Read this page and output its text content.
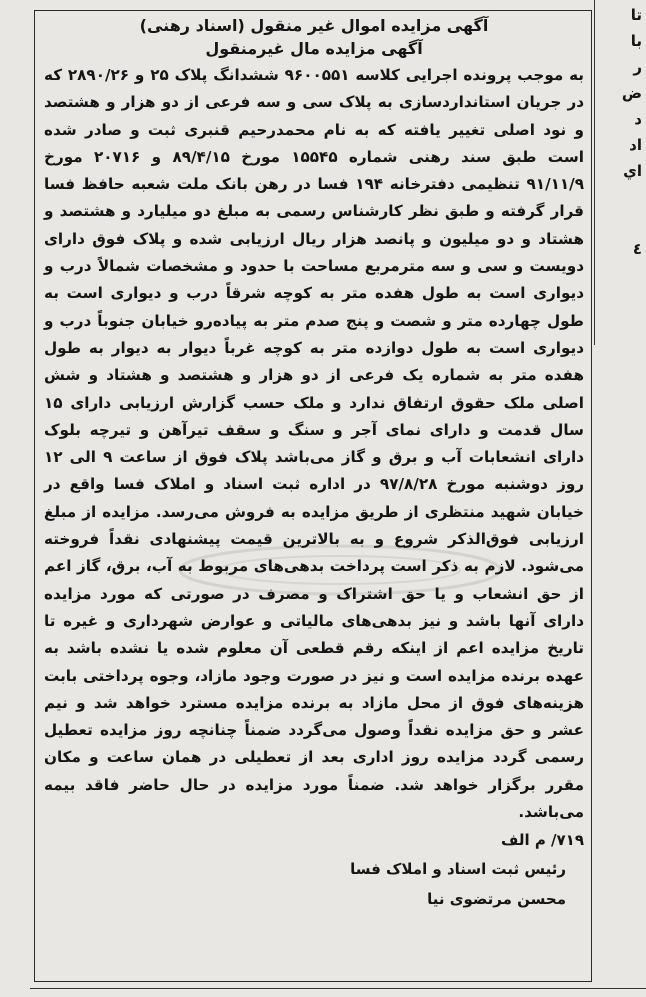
تا
با
ر
ض
د
اد
اي

٤

آگهی مزایده اموال غیر منقول (اسناد رهنی)

آگهی مزایده مال غیرمنقول

به موجب پرونده اجرایی کلاسه ۹۶۰۰۵۵۱ ششدانگ پلاک ۲۵ و ۲۸۹۰/۲۶ که در جریان استانداردسازی به پلاک سی و سه فرعی از دو هزار و هشتصد و نود اصلی تغییر یافته که به نام محمدرحیم قنبری ثبت و صادر شده است طبق سند رهنی شماره ۱۵۵۴۵ مورخ ۸۹/۴/۱۵ و ۲۰۷۱۶ مورخ ۹۱/۱۱/۹ تنظیمی دفترخانه ۱۹۴ فسا در رهن بانک ملت شعبه حافظ فسا قرار گرفته و طبق نظر کارشناس رسمی به مبلغ دو میلیارد و هشتصد و هشتاد و دو میلیون و پانصد هزار ریال ارزیابی شده و پلاک فوق دارای دویست و سی و سه مترمربع مساحت با حدود و مشخصات شمالاً درب و دیواری است به طول هفده متر به کوچه شرقاً درب و دیواری است به طول چهارده متر و شصت و پنج صدم متر به پیاده‌رو خیابان جنوباً درب و دیواری است به طول دوازده متر به کوچه غرباً دیوار به دیوار به طول هفده متر به شماره یک فرعی از دو هزار و هشتصد و هشتاد و شش اصلی ملک حقوق ارتفاق ندارد و ملک حسب گزارش ارزیابی دارای ۱۵ سال قدمت و دارای نمای آجر و سنگ و سقف تیرآهن و تیرچه بلوک دارای انشعابات آب و برق و گاز می‌باشد پلاک فوق از ساعت ۹ الی ۱۲ روز دوشنبه مورخ ۹۷/۸/۲۸ در اداره ثبت اسناد و املاک فسا واقع در خیابان شهید منتظری از طریق مزایده به فروش می‌رسد. مزایده از مبلغ ارزیابی فوق‌الذکر شروع و به بالاترین قیمت پیشنهادی نقداً فروخته می‌شود. لازم به ذکر است پرداخت بدهی‌های مربوط به آب، برق، گاز اعم از حق انشعاب و یا حق اشتراک و مصرف در صورتی که مورد مزایده دارای آنها باشد و نیز بدهی‌های مالیاتی و عوارض شهرداری و غیره تا تاریخ مزایده اعم از اینکه رقم قطعی آن معلوم شده یا نشده باشد به عهده برنده مزایده است و نیز در صورت وجود مازاد، وجوه پرداختی بابت هزینه‌های فوق از محل مازاد به برنده مزایده مسترد خواهد شد و نیم عشر و حق مزایده نقداً وصول می‌گردد ضمناً چنانچه روز مزایده تعطیل رسمی گردد مزایده روز اداری بعد از تعطیلی در همان ساعت و مکان مقرر برگزار خواهد شد. ضمناً مورد مزایده در حال حاضر فاقد بیمه می‌باشد.

۷۱۹/ م الف
رئیس ثبت اسناد و املاک فسا
محسن مرتضوی نیا
